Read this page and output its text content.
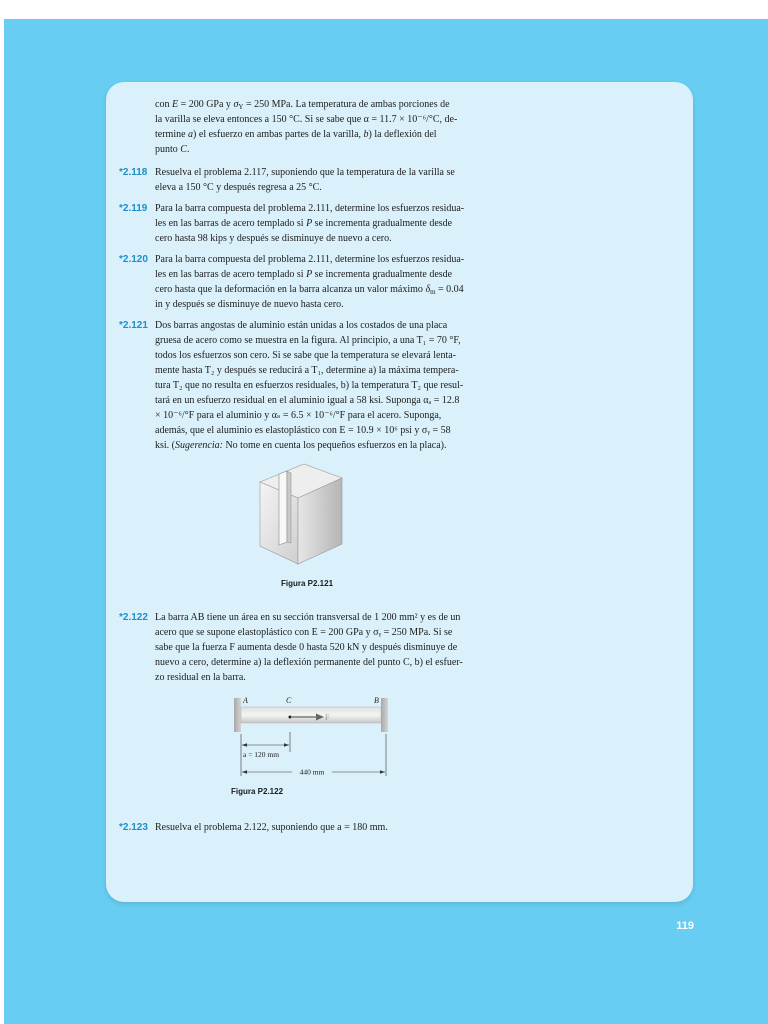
con E = 200 GPa y $\sigma_Y = 250$ MPa. La temperatura de ambas porciones de
la varilla se eleva entonces a 150 °C. Si se sabe que α = 11.7 × 10⁻⁶/°C, de-
termine a) el esfuerzo en ambas partes de la varilla, b) la deflexión del
punto C.
*2.118 Resuelva el problema 2.117, suponiendo que la temperatura de la varilla se
eleva a 150 °C y después regresa a 25 °C.
*2.119 Para la barra compuesta del problema 2.111, determine los esfuerzos residua-
les en las barras de acero templado si P se incrementa gradualmente desde
cero hasta 98 kips y después se disminuye de nuevo a cero.
*2.120 Para la barra compuesta del problema 2.111, determine los esfuerzos residua-
les en las barras de acero templado si P se incrementa gradualmente desde
cero hasta que la deformación en la barra alcanza un valor máximo $\delta_m = 0.04$
in y después se disminuye de nuevo hasta cero.
*2.121 Dos barras angostas de aluminio están unidas a los costados de una placa
gruesa de acero como se muestra en la figura. Al principio, a una T₁ = 70 °F,
todos los esfuerzos son cero. Si se sabe que la temperatura se elevará lenta-
mente hasta T₂ y después se reducirá a T₁, determine a) la máxima tempera-
tura T₂ que no resulta en esfuerzos residuales, b) la temperatura T₂ que resul-
tará en un esfuerzo residual en el aluminio igual a 58 ksi. Suponga αₐ = 12.8
× 10⁻⁶/°F para el aluminio y αₛ = 6.5 × 10⁻⁶/°F para el acero. Suponga,
además, que el aluminio es elastoplástico con E = 10.9 × 10⁶ psi y σᵧ = 58
ksi. (Sugerencia: No tome en cuenta los pequeños esfuerzos en la placa).
Figura P2.121
*2.122 La barra AB tiene un área en su sección transversal de 1 200 mm² y es de un
acero que se supone elastoplástico con E = 200 GPa y σᵧ = 250 MPa. Si se
sabe que la fuerza F aumenta desde 0 hasta 520 kN y después disminuye de
nuevo a cero, determine a) la deflexión permanente del punto C, b) el esfuer-
zo residual en la barra.
A	C	B
F
a = 120 mm
440 mm
Figura P2.122
*2.123 Resuelva el problema 2.122, suponiendo que a = 180 mm.
119
